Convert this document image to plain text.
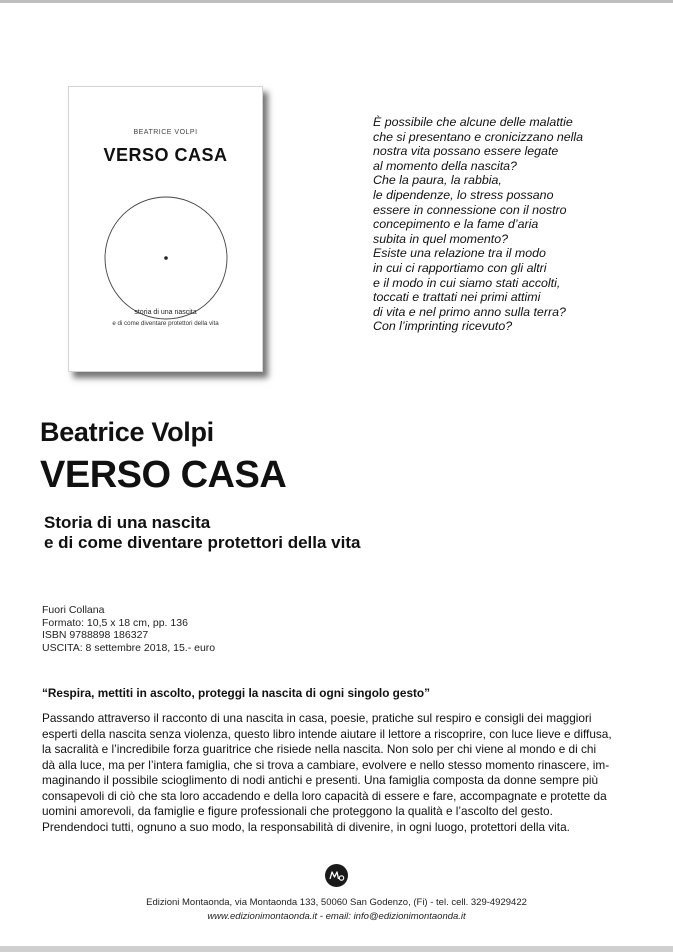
BEATRICE VOLPI
VERSO CASA
storia di una nascita
e di come diventare protettori della vita
È possibile che alcune delle malattie
che si presentano e cronicizzano nella
nostra vita possano essere legate
al momento della nascita?
Che la paura, la rabbia,
le dipendenze, lo stress possano
essere in connessione con il nostro
concepimento e la fame d’aria
subita in quel momento?
Esiste una relazione tra il modo
in cui ci rapportiamo con gli altri
e il modo in cui siamo stati accolti,
toccati e trattati nei primi attimi
di vita e nel primo anno sulla terra?
Con l’imprinting ricevuto?
Beatrice Volpi
VERSO CASA
Storia di una nascita
e di come diventare protettori della vita
Fuori Collana
Formato: 10,5 x 18 cm, pp. 136
ISBN 9788898 186327
USCITA: 8 settembre 2018, 15.- euro
“Respira, mettiti in ascolto, proteggi la nascita di ogni singolo gesto”
Passando attraverso il racconto di una nascita in casa, poesie, pratiche sul respiro e consigli dei maggiori
esperti della nascita senza violenza, questo libro intende aiutare il lettore a riscoprire, con luce lieve e diffusa,
la sacralità e l’incredibile forza guaritrice che risiede nella nascita. Non solo per chi viene al mondo e di chi
dà alla luce, ma per l’intera famiglia, che si trova a cambiare, evolvere e nello stesso momento rinascere, im-
maginando il possibile scioglimento di nodi antichi e presenti. Una famiglia composta da donne sempre più
consapevoli di ciò che sta loro accadendo e della loro capacità di essere e fare, accompagnate e protette da
uomini amorevoli, da famiglie e figure professionali che proteggono la qualità e l’ascolto del gesto.
Prendendoci tutti, ognuno a suo modo, la responsabilità di divenire, in ogni luogo, protettori della vita.
Edizioni Montaonda, via Montaonda 133, 50060 San Godenzo, (Fi) - tel. cell. 329-4929422
www.edizionimontaonda.it - email: info@edizionimontaonda.it
